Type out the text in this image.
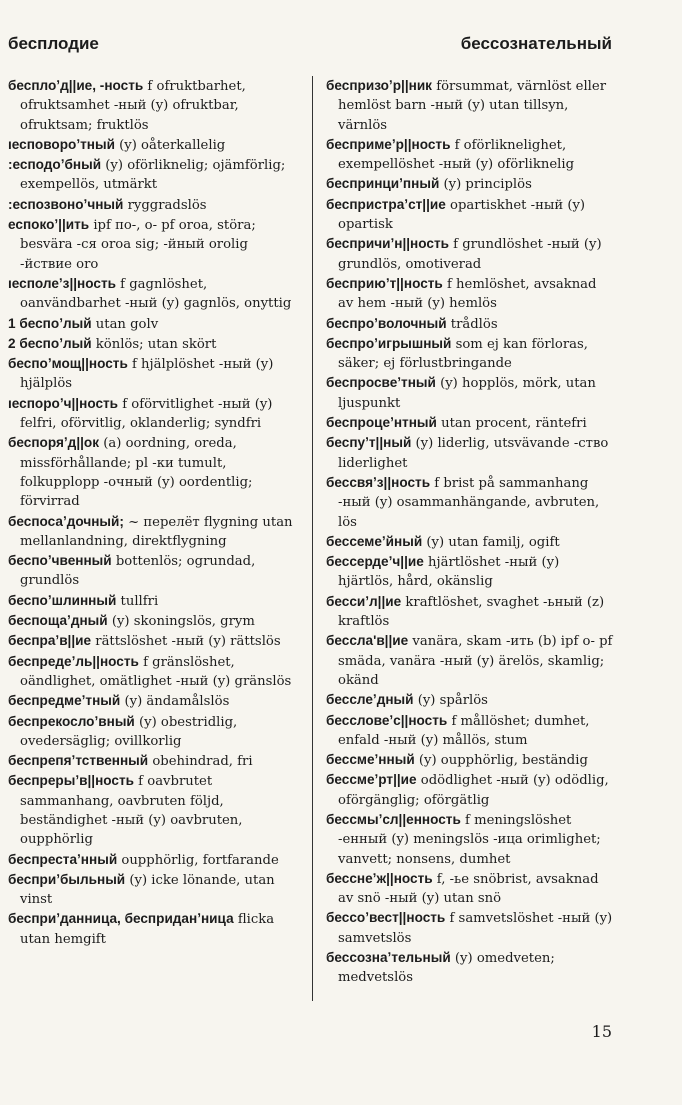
бесплодие	бессознательный

бесплоʼд||ие, -ность f ofruktbarhet, ofruktsamhet -ный (y) ofruktbar, ofruktsam; fruktlös

ıесповороʼтный (y) oåterkallelig

:есподоʼбный (y) oförliknelig; ojämförlig; exempellös, utmärkt

:еспозвоноʼчный ryggradslös

еспокоʼ||ить ipf по-, о- pf oroa, störa; besvära -ся oroa sig; -йный orolig -йствие oro

ıесполеʼз||ность f gagnlöshet, oanvändbarhet -ный (y) gagnlös, onyttig

1 беспоʼлый utan golv

2 беспоʼлый könlös; utan skört

беспоʼмощ||ность f hjälplöshet -ный (y) hjälplös

ıеспороʼч||ность f oförvitlighet -ный (y) felfri, oförvitlig, oklanderlig; syndfri

беспоряʼд||ок (a) oordning, oreda, missförhållande; pl -ки tumult, folkupplopp -очный (y) oordentlig; förvirrad

беспосаʼдочный; ~ перелёт flygning utan mellanlandning, direktflygning

беспоʼчвенный bottenlös; ogrundad, grundlös

беспоʼшлинный tullfri

беспощаʼдный (y) skoningslös, grym

беспраʼв||ие rättslöshet -ный (y) rättslös

беспредеʼль||ность f gränslöshet, oändlighet, omätlighet -ный (y) gränslös

беспредмеʼтный (y) ändamålslös

беспрекослоʼвный (y) obestridlig, ovedersäglig; ovillkorlig

беспрепяʼтственный obehindrad, fri

беспрерыʼв||ность f oavbrutet sammanhang, oavbruten följd, beständighet -ный (y) oavbruten, oupphörlig

беспрестаʼнный oupphörlig, fortfarande

бесприʼбыльный (y) icke lönande, utan vinst

бесприʼданница, бесприданʼница flicka utan hemgift

беспризоʼр||ник försummat, värnlöst eller hemlöst barn -ный (y) utan tillsyn, värnlös

беспримеʼр||ность f oförliknelighet, exempellöshet -ный (y) oförliknelig

беспринциʼпный (y) principlös

беспристраʼст||ие opartiskhet -ный (y) opartisk

беспричиʼн||ность f grundlöshet -ный (y) grundlös, omotiverad

бесприюʼт||ность f hemlöshet, avsaknad av hem -ный (y) hemlös

беспроʼволочный trådlös

беспроʼигрышный som ej kan förloras, säker; ej förlustbringande

беспросвеʼтный (y) hopplös, mörk, utan ljuspunkt

беспроцеʼнтный utan procent, räntefri

беспуʼт||ный (y) liderlig, utsvävande -ство liderlighet

бессвяʼз||ность f brist på sammanhang -ный (y) osammanhängande, avbruten, lös

бессемеʼйный (y) utan familj, ogift

бессердеʼч||ие hjärtlöshet -ный (y) hjärtlös, hård, okänslig

бессиʼл||ие kraftlöshet, svaghet -ьный (z) kraftlös

бессла'в||ие vanära, skam -ить (b) ipf о- pf smäda, vanära -ный (y) ärelös, skamlig; okänd

бесслеʼдный (y) spårlös

бессловеʼс||ность f mållöshet; dumhet, enfald -ный (y) mållös, stum

бессмеʼнный (y) oupphörlig, beständig

бессмеʼрт||ие odödlighet -ный (y) odödlig, oförgänglig; oförgätlig

бессмыʼсл||енность f meningslöshet -енный (y) meningslös -ица orimlighet; vanvett; nonsens, dumhet

бесснеʼж||ность f, -ье snöbrist, avsaknad av snö -ный (y) utan snö

бессоʼвест||ность f samvetslöshet -ный (y) samvetslös

бессознаʼтельный (y) omedveten; medvetslös

15
